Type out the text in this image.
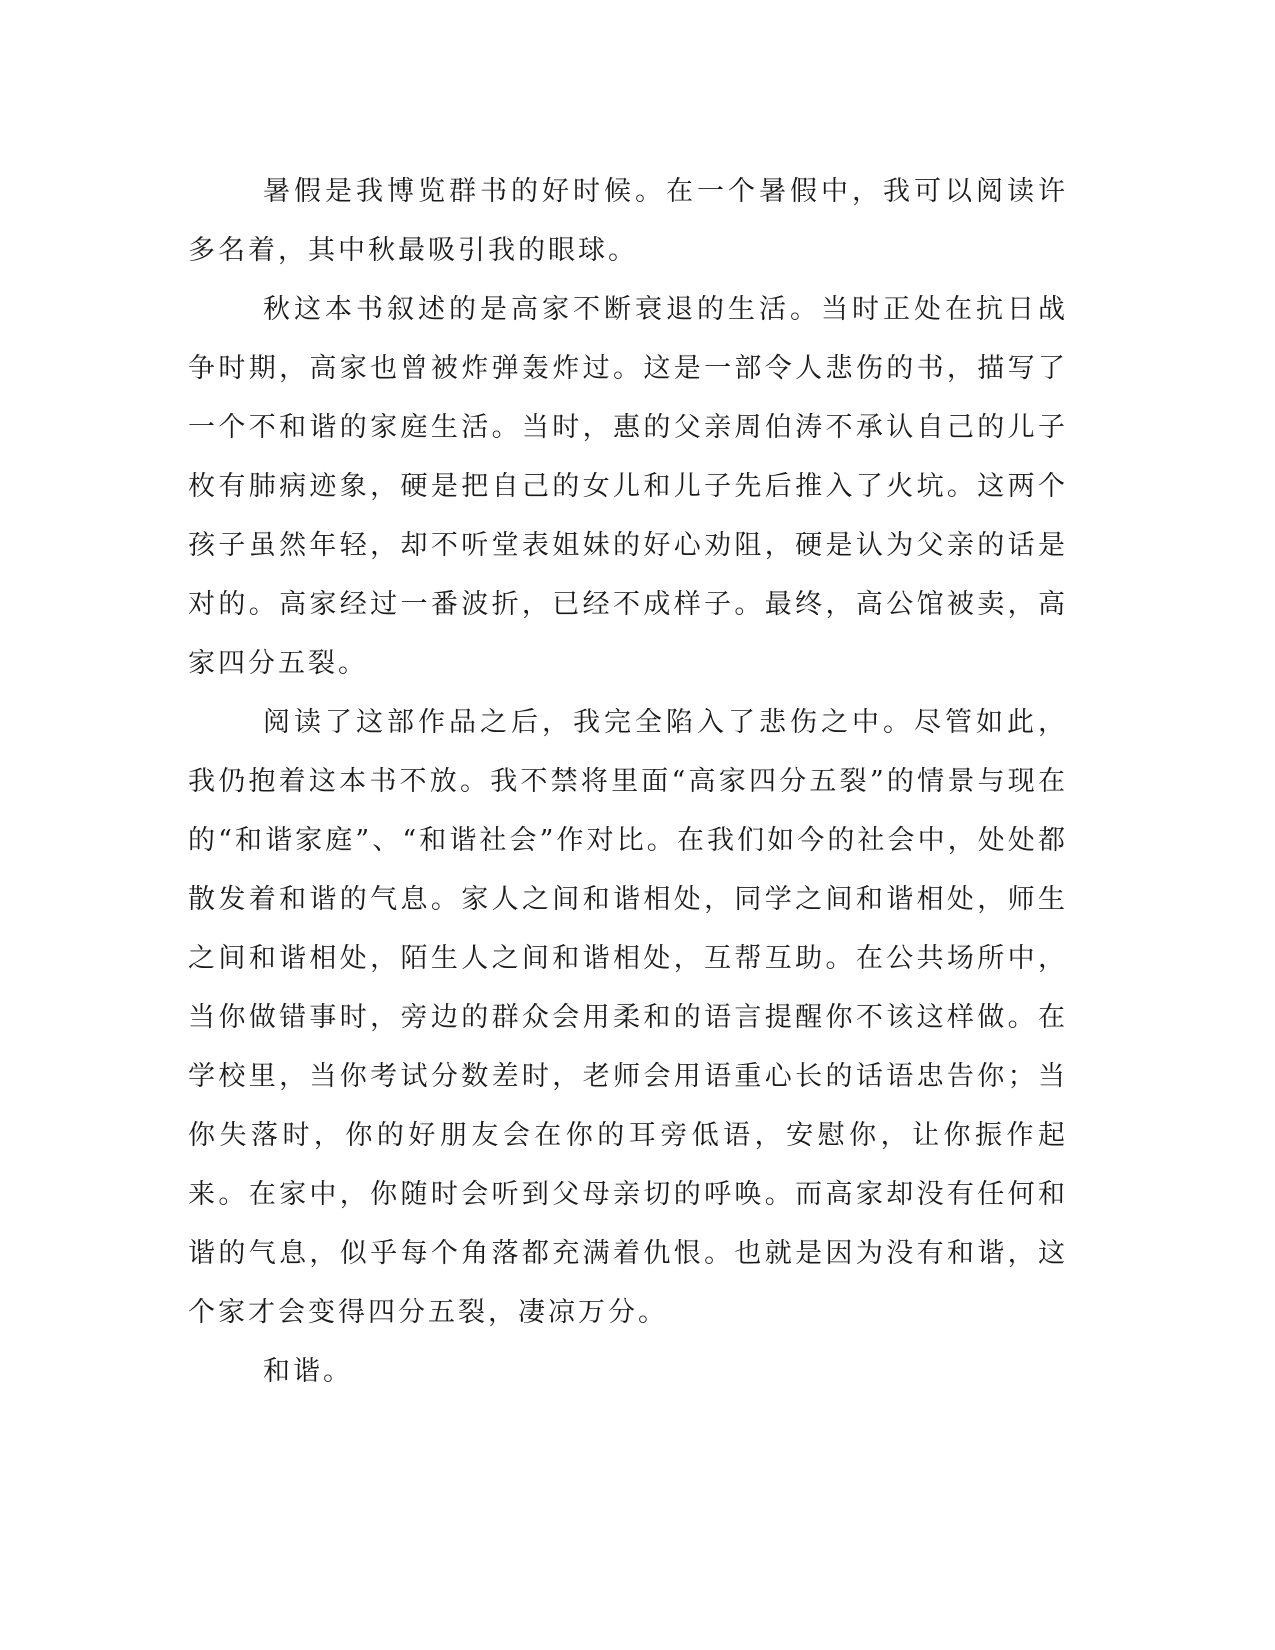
暑假是我博览群书的好时候。在一个暑假中，我可以阅读许多名着，其中秋最吸引我的眼球。

秋这本书叙述的是高家不断衰退的生活。当时正处在抗日战争时期，高家也曾被炸弹轰炸过。这是一部令人悲伤的书，描写了一个不和谐的家庭生活。当时，惠的父亲周伯涛不承认自己的儿子枚有肺病迹象，硬是把自己的女儿和儿子先后推入了火坑。这两个孩子虽然年轻，却不听堂表姐妹的好心劝阻，硬是认为父亲的话是对的。高家经过一番波折，已经不成样子。最终，高公馆被卖，高家四分五裂。

阅读了这部作品之后，我完全陷入了悲伤之中。尽管如此，我仍抱着这本书不放。我不禁将里面“高家四分五裂”的情景与现在的“和谐家庭”、“和谐社会”作对比。在我们如今的社会中，处处都散发着和谐的气息。家人之间和谐相处，同学之间和谐相处，师生之间和谐相处，陌生人之间和谐相处，互帮互助。在公共场所中，当你做错事时，旁边的群众会用柔和的语言提醒你不该这样做。在学校里，当你考试分数差时，老师会用语重心长的话语忠告你；当你失落时，你的好朋友会在你的耳旁低语，安慰你，让你振作起来。在家中，你随时会听到父母亲切的呼唤。而高家却没有任何和谐的气息，似乎每个角落都充满着仇恨。也就是因为没有和谐，这个家才会变得四分五裂，凄凉万分。

和谐。
